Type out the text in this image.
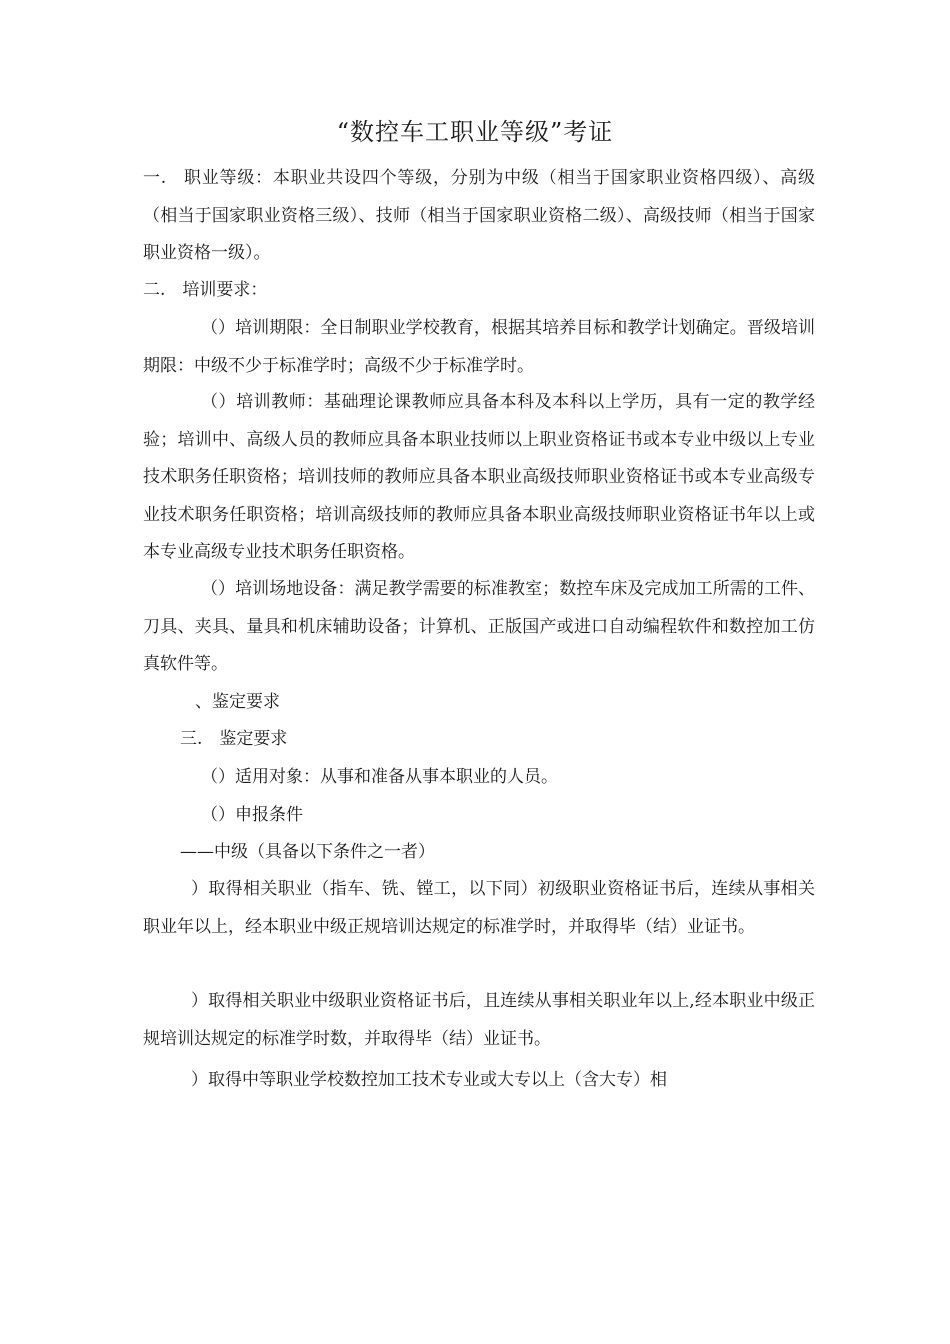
“数控车工职业等级”考证

一. 职业等级：本职业共设四个等级，分别为中级（相当于国家职业资格四级）、高级（相当于国家职业资格三级）、技师（相当于国家职业资格二级）、高级技师（相当于国家职业资格一级）。

二. 培训要求：

（）培训期限：全日制职业学校教育，根据其培养目标和教学计划确定。晋级培训期限：中级不少于标准学时；高级不少于标准学时。

（）培训教师：基础理论课教师应具备本科及本科以上学历，具有一定的教学经验；培训中、高级人员的教师应具备本职业技师以上职业资格证书或本专业中级以上专业技术职务任职资格；培训技师的教师应具备本职业高级技师职业资格证书或本专业高级专业技术职务任职资格；培训高级技师的教师应具备本职业高级技师职业资格证书年以上或本专业高级专业技术职务任职资格。

（）培训场地设备：满足教学需要的标准教室；数控车床及完成加工所需的工件、刀具、夹具、量具和机床辅助设备；计算机、正版国产或进口自动编程软件和数控加工仿真软件等。

、鉴定要求
三. 鉴定要求
（）适用对象：从事和准备从事本职业的人员。
（）申报条件
——中级（具备以下条件之一者）

）取得相关职业（指车、铣、镗工，以下同）初级职业资格证书后，连续从事相关职业年以上，经本职业中级正规培训达规定的标准学时，并取得毕（结）业证书。

）取得相关职业中级职业资格证书后，且连续从事相关职业年以上,经本职业中级正规培训达规定的标准学时数，并取得毕（结）业证书。

）取得中等职业学校数控加工技术专业或大专以上（含大专）相
